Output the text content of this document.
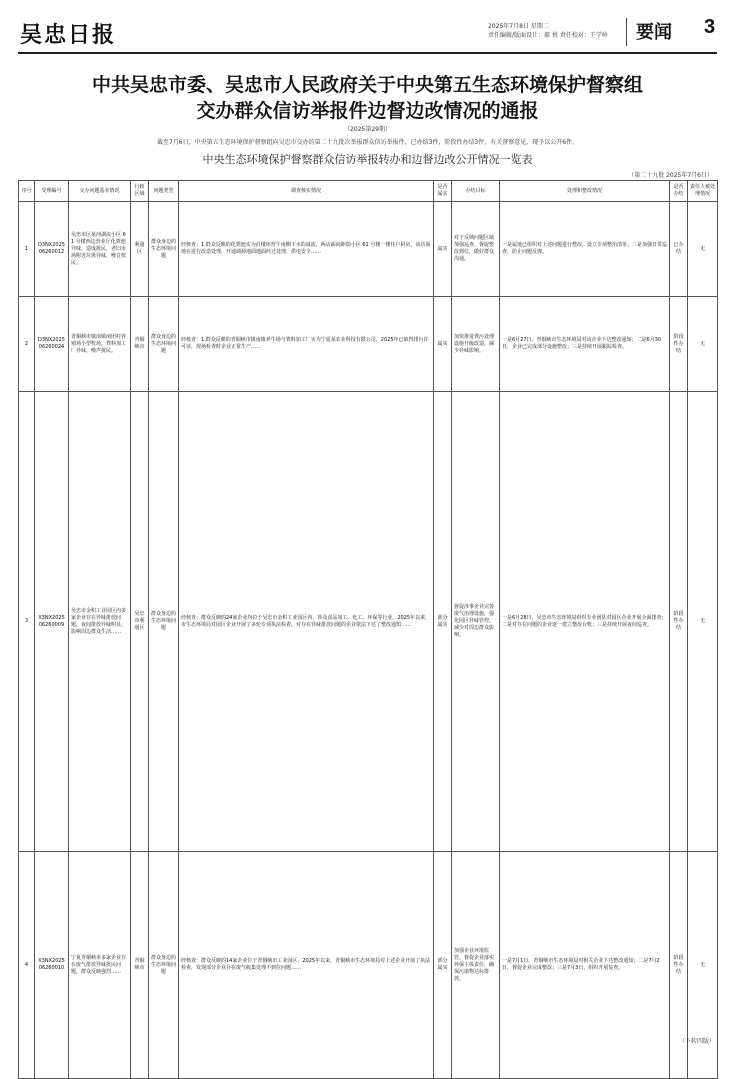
吴忠日报	2025年7月8日 星期二
责任编辑/版面设计：郝 悦 责任校对：王学岭 要闻 3
中共吴忠市委、吴忠市人民政府关于中央第五生态环境保护督察组
交办群众信访举报件边督边改情况的通报
（2025第29期）
截至7月6日，中央第五生态环境保护督察组向吴忠市交办的第二十九批次举报群众信访举报件，已办结3件，阶段性办结3件，有关督察意见，现予以公开6件。
中央生态环境保护督察群众信访举报转办和边督边改公开情况一览表
（第二十九批 2025年7月6日）
序号	受理编号	交办问题基本情况	行政区域	问题类型	调查核实情况	是否属实	办结目标	处理和整改情况	是否办结	责任人被处理情况
1	D3NX2025 06260012	吴忠市区某河湖流小区 61 号楼西边营业厅化粪池异味，造成扰民，老旧市场附近垃圾异味，噪音扰民。	利通区	群众身边的生态环境问题	经核查：1.群众反映的化粪池实为沿楼环营午南侧下水的溢流，两店面间距瑞小区 61 号楼一楼住户厨房，该店面地在进行改造处理，开通调源地面地面经过处理，供电安全……	属实	对于反映问题区域加强巡查，督促整改到位，做好群众沟通。	一是属地已组织对上述问题进行整改，设立专项整治清单；二是加强日常巡查，防止问题反弹。	已办结	无
2	D3NX2025 06260024	青铜峡市镇南镇南团村养殖场小型牧场，粪料加工厂异味，噪声扰民。	青铜峡市	群众身边的生态环境问题	经核查：1.群众反映的青铜峡市镇南镇养牛场与粪料加工厂实为宁夏某农业科技有限公司，2025年已取得排污许可证，现场检查时企业正常生产……	属实	加快推进粪污处理设施升级改造，减少异味影响。	一是6月27日，青铜峡市生态环境局对该企业下达整改通知；二是6月30日，企业已完成部分设施整改；三是持续开展跟踪检查。	阶段性办结	无
3	X3NX2025 06260009	吴忠市金积工业园区内多家企业存在异味排放问题，夜间排放异味明显，影响周边群众生活……	吴忠市利通区	群众身边的生态环境问题	经核查：群众反映的24家企业均位于吴忠市金积工业园区内，涉及食品加工、化工、环保等行业。2025年以来，市生态环境局对园区企业开展了多轮专项执法检查，对存在异味排放问题的企业依法下达了整改通知……	部分属实	督促涉事企业完善废气治理设施，强化园区异味管控，减少对周边群众影响。	一是6月28日，吴忠市生态环境局组织专业团队对园区企业开展全面排查；二是对存在问题的企业逐一建立整改台账；三是持续开展夜间巡查。	阶段性办结	无
4	X3NX2025 06260010	宁夏青铜峡市多家企业存在废气排放异味扰民问题，群众反映强烈……	青铜峡市	群众身边的生态环境问题	经核查：群众反映的14家企业位于青铜峡市工业园区，2025年以来，青铜峡市生态环境局对上述企业开展了执法检查，发现部分企业存在废气收集处理不到位问题……	部分属实	加强企业环境监管，督促企业落实环保主体责任，确保污染物达标排放。	一是7月1日，青铜峡市生态环境局对相关企业下达整改通知；二是7月2日，督促企业完成整改；三是7月3日，组织开展复查。	阶段性办结	无
（下转四版）
